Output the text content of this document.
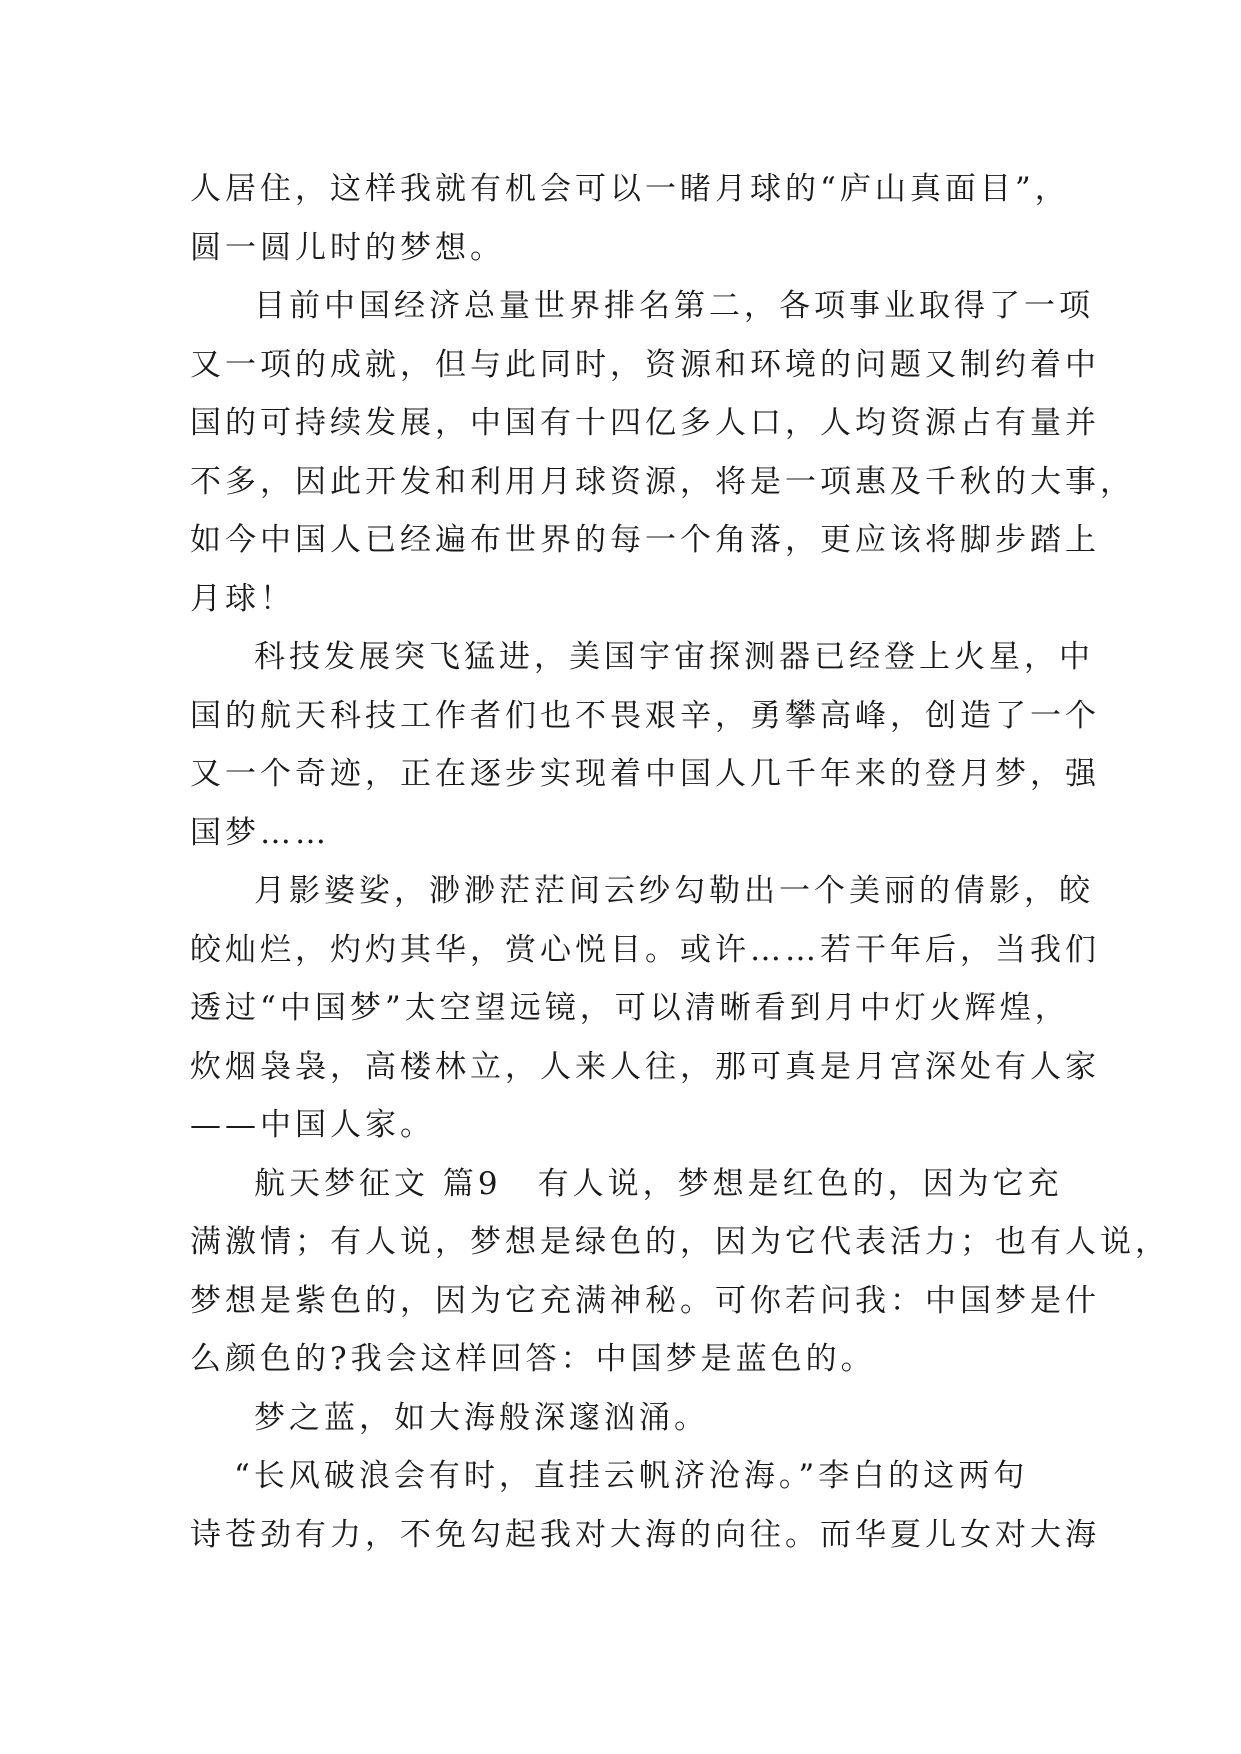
人居住，这样我就有机会可以一睹月球的“庐山真面目”，
圆一圆儿时的梦想。
目前中国经济总量世界排名第二，各项事业取得了一项
又一项的成就，但与此同时，资源和环境的问题又制约着中
国的可持续发展，中国有十四亿多人口，人均资源占有量并
不多，因此开发和利用月球资源，将是一项惠及千秋的大事，
如今中国人已经遍布世界的每一个角落，更应该将脚步踏上
月球！
科技发展突飞猛进，美国宇宙探测器已经登上火星，中
国的航天科技工作者们也不畏艰辛，勇攀高峰，创造了一个
又一个奇迹，正在逐步实现着中国人几千年来的登月梦，强
国梦……
月影婆娑，渺渺茫茫间云纱勾勒出一个美丽的倩影，皎
皎灿烂，灼灼其华，赏心悦目。或许……若干年后，当我们
透过“中国梦”太空望远镜，可以清晰看到月中灯火辉煌，
炊烟袅袅，高楼林立，人来人往，那可真是月宫深处有人家
——中国人家。
航天梦征文 篇9 有人说，梦想是红色的，因为它充
满激情；有人说，梦想是绿色的，因为它代表活力；也有人说，
梦想是紫色的，因为它充满神秘。可你若问我：中国梦是什
么颜色的?我会这样回答：中国梦是蓝色的。
梦之蓝，如大海般深邃汹涌。
“长风破浪会有时，直挂云帆济沧海。”李白的这两句
诗苍劲有力，不免勾起我对大海的向往。而华夏儿女对大海
